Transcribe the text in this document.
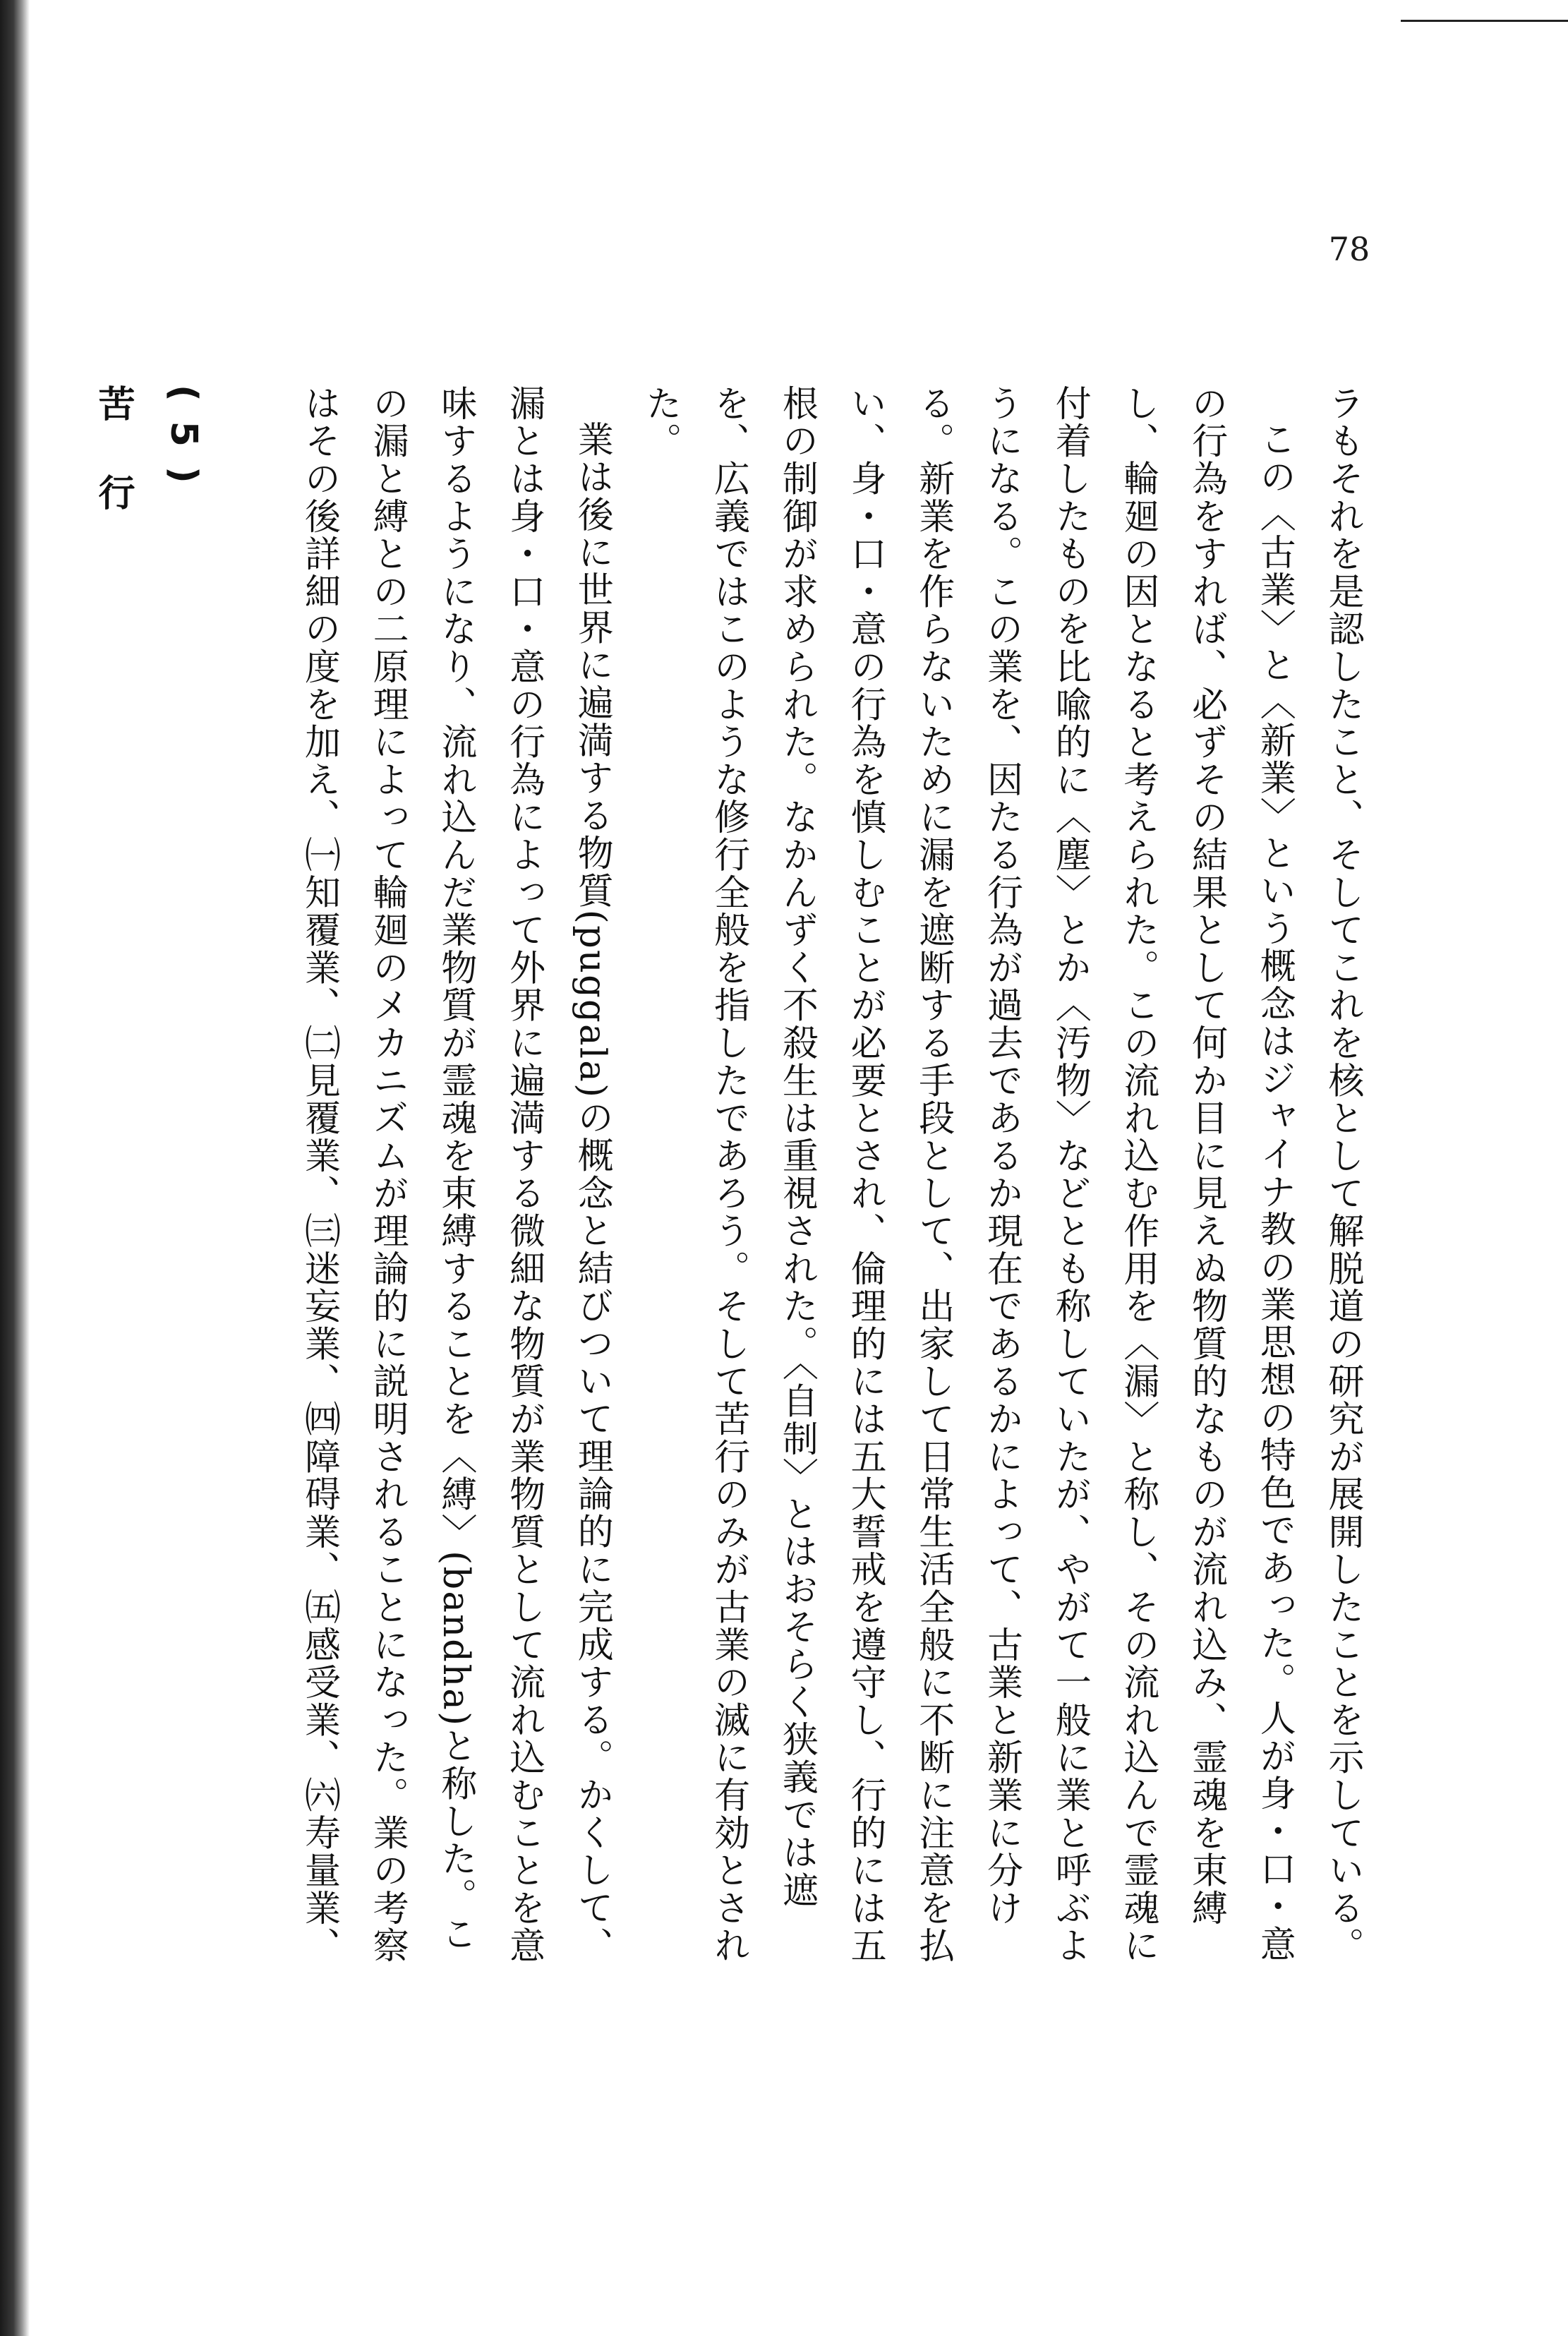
78

ラもそれを是認したこと、そしてこれを核として解脱道の研究が展開したことを示している。

この〈古業〉と〈新業〉という概念はジャイナ教の業思想の特色であった。人が身・口・意の行為をすれば、必ずその結果として何か目に見えぬ物質的なものが流れ込み、霊魂を束縛し、輪廻の因となると考えられた。この流れ込む作用を〈漏〉と称し、その流れ込んで霊魂に付着したものを比喩的に〈塵〉とか〈汚物〉などとも称していたが、やがて一般に業と呼ぶようになる。この業を、因たる行為が過去であるか現在であるかによって、古業と新業に分ける。新業を作らないために漏を遮断する手段として、出家して日常生活全般に不断に注意を払い、身・口・意の行為を慎しむことが必要とされ、倫理的には五大誓戒を遵守し、行的には五根の制御が求められた。なかんずく不殺生は重視された。〈自制〉とはおそらく狭義では遮を、広義ではこのような修行全般を指したであろう。そして苦行のみが古業の滅に有効とされた。

業は後に世界に遍満する物質(puggala)の概念と結びついて理論的に完成する。かくして、漏とは身・口・意の行為によって外界に遍満する微細な物質が業物質として流れ込むことを意味するようになり、流れ込んだ業物質が霊魂を束縛することを〈縛〉(bandha)と称した。この漏と縛との二原理によって輪廻のメカニズムが理論的に説明されることになった。業の考察はその後詳細の度を加え、㈠知覆業、㈡見覆業、㈢迷妄業、㈣障碍業、㈤感受業、㈥寿量業、

(5)
苦 行
